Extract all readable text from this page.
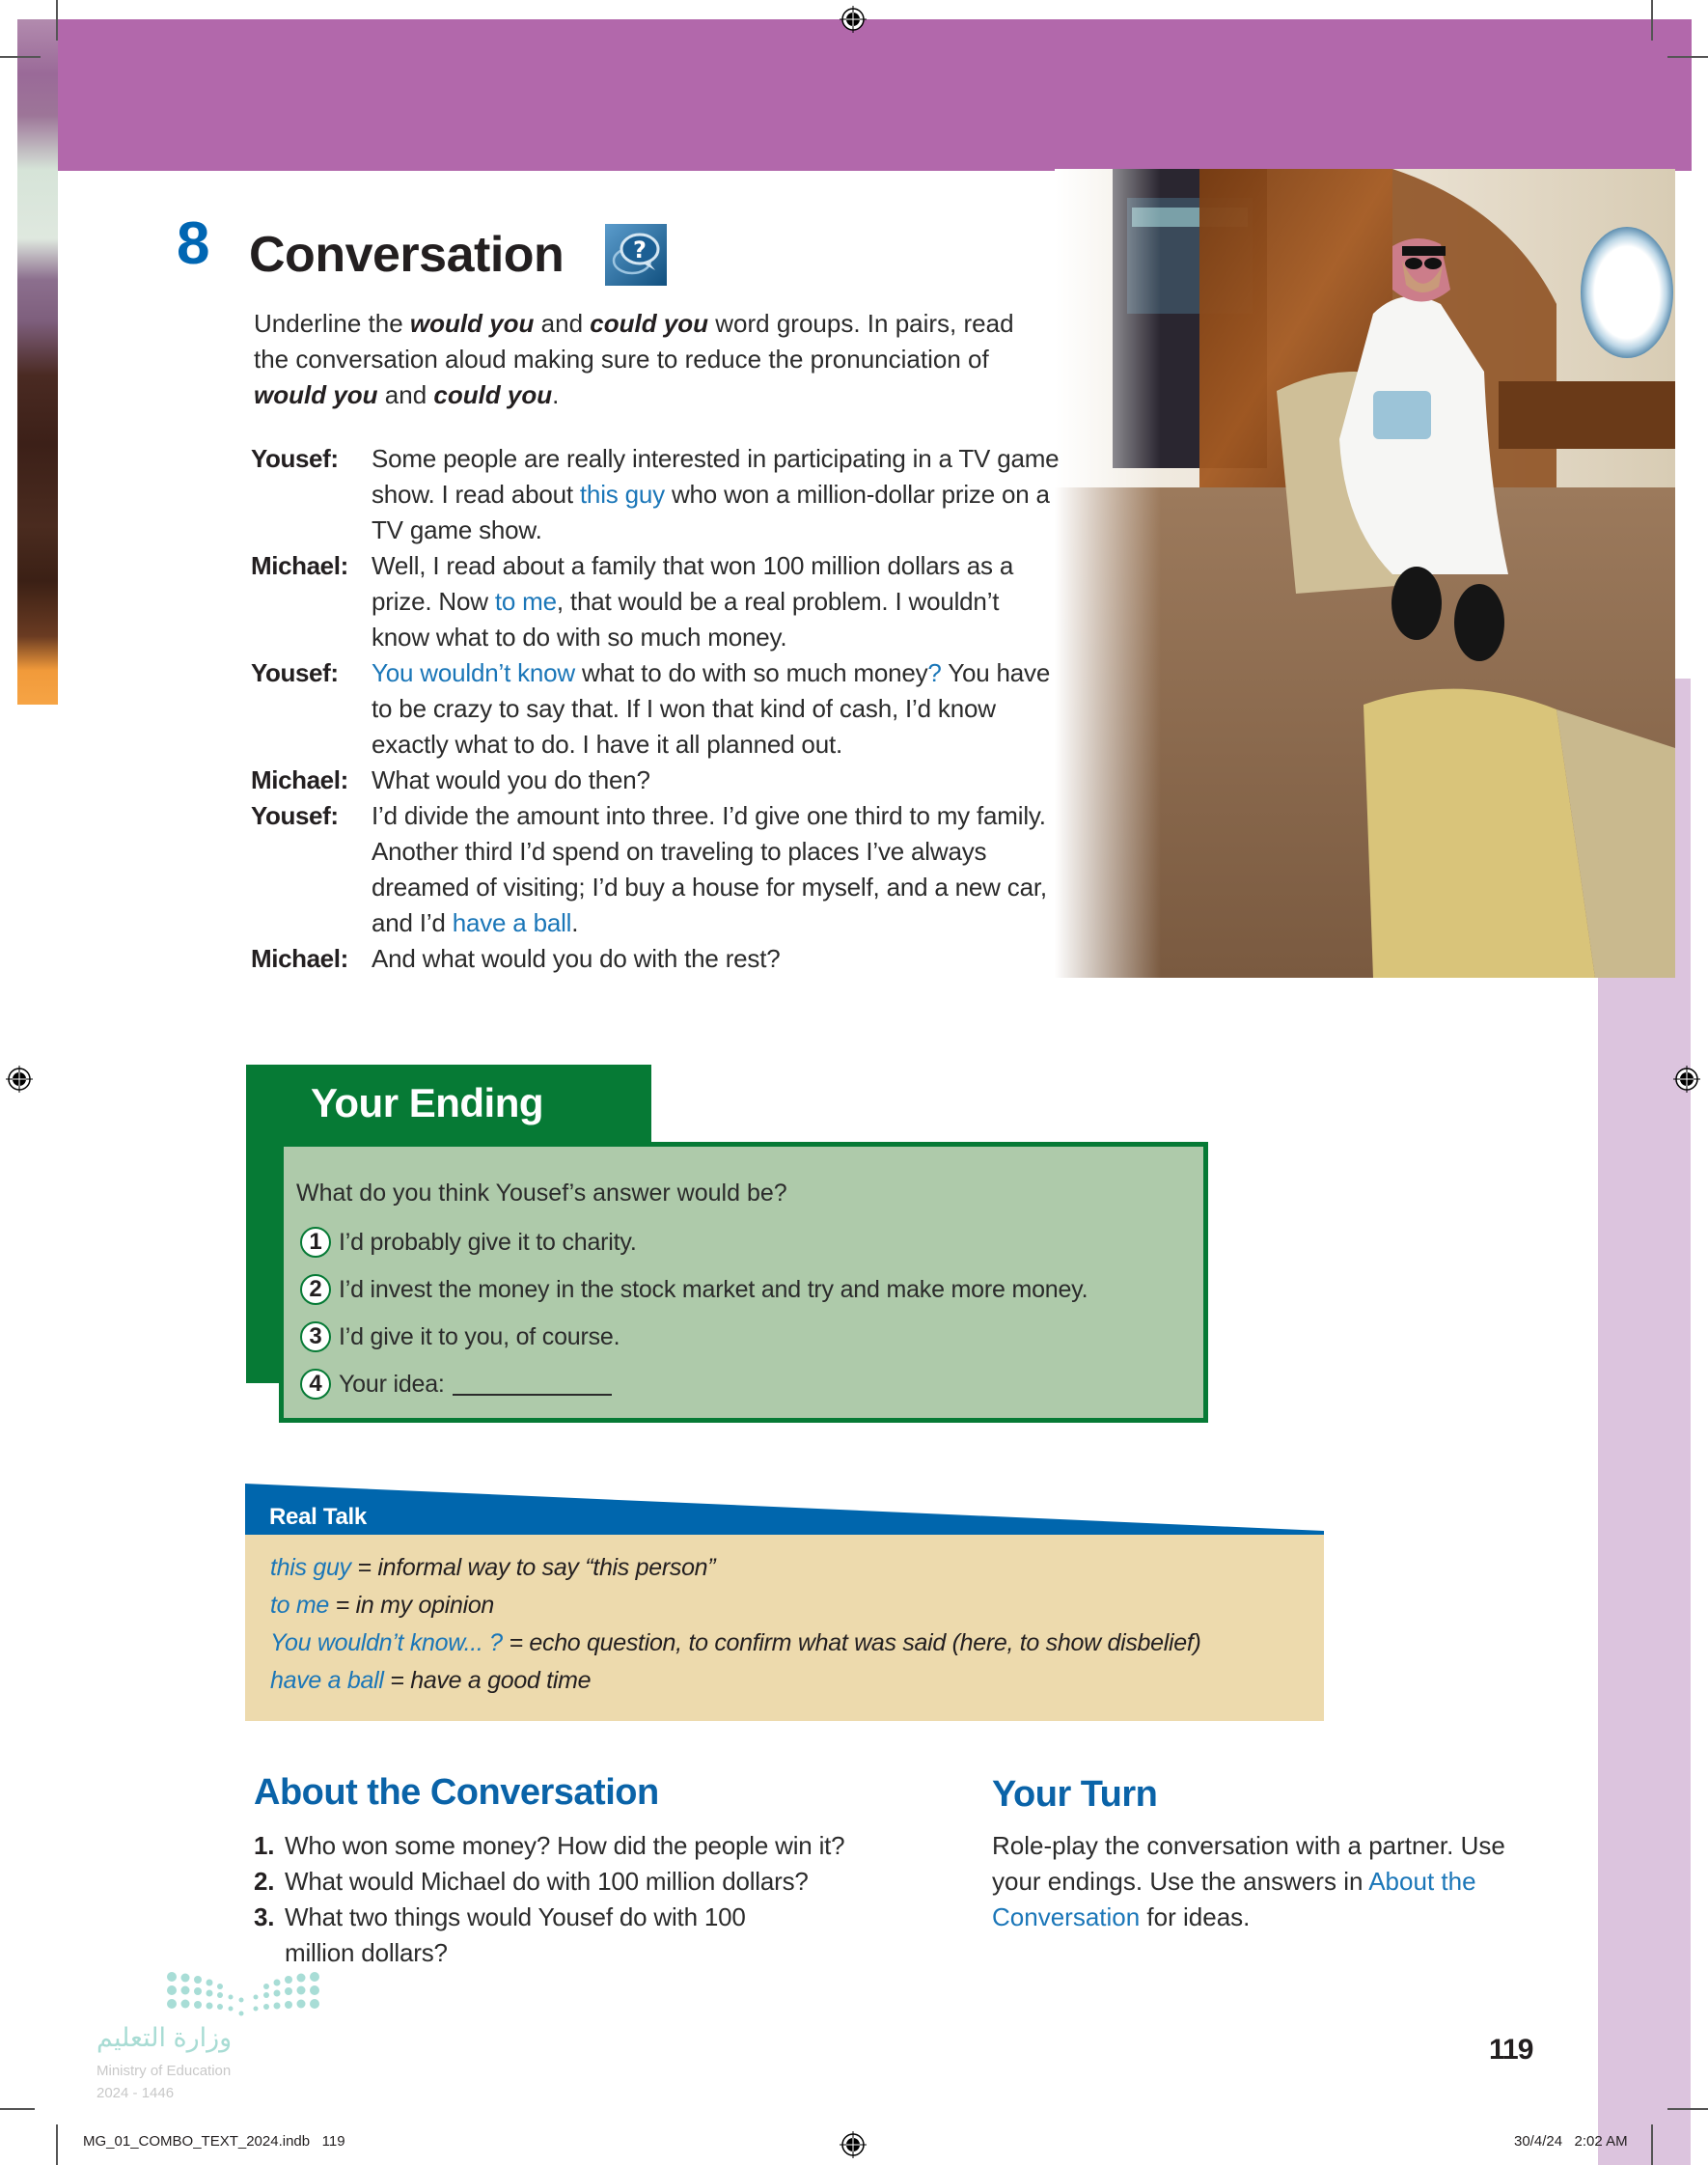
8 Conversation	?
Underline the would you and could you word groups. In pairs, read the conversation aloud making sure to reduce the pronunciation of would you and could you.
Yousef:	Some people are really interested in participating in a TV game show. I read about this guy who won a million-dollar prize on a TV game show.
Michael: Well, I read about a family that won 100 million dollars as a prize. Now to me, that would be a real problem. I wouldn’t know what to do with so much money.
Yousef:	You wouldn’t know what to do with so much money? You have to be crazy to say that. If I won that kind of cash, I’d know exactly what to do. I have it all planned out.
Michael: What would you do then?
Yousef:	I’d divide the amount into three. I’d give one third to my family. Another third I’d spend on traveling to places I’ve always dreamed of visiting; I’d buy a house for myself, and a new car, and I’d have a ball.
Michael: And what would you do with the rest?
Your Ending
What do you think Yousef’s answer would be?
1 I’d probably give it to charity.
2 I’d invest the money in the stock market and try and make more money.
3 I’d give it to you, of course.
4 Your idea:
Real Talk
this guy = informal way to say “this person”
to me = in my opinion
You wouldn’t know... ? = echo question, to confirm what was said (here, to show disbelief)
have a ball = have a good time
About the Conversation
1. Who won some money? How did the people win it?
2. What would Michael do with 100 million dollars?
3. What two things would Yousef do with 100 million dollars?
Your Turn
Role-play the conversation with a partner. Use your endings. Use the answers in About the Conversation for ideas.
وزارة التعليم
Ministry of Education
2024 - 1446
119
MG_01_COMBO_TEXT_2024.indb   119	30/4/24   2:02 AM
